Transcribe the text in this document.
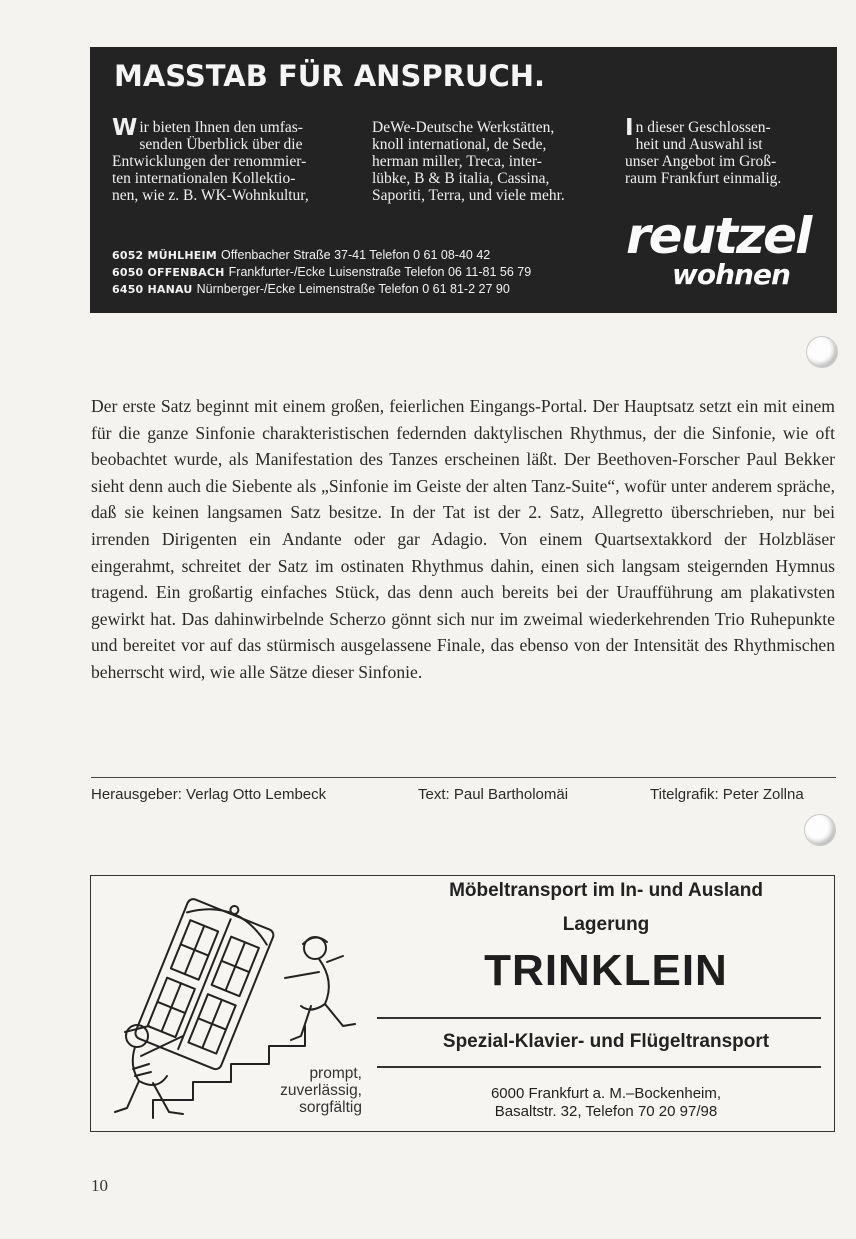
MASSTAB FÜR ANSPRUCH.
W ir bieten Ihnen den umfas-
senden Überblick über die
Entwicklungen der renommier-
ten internationalen Kollektio-
nen, wie z. B. WK-Wohnkultur,
DeWe-Deutsche Werkstätten,
knoll international, de Sede,
herman miller, Treca, inter-
lübke, B & B italia, Cassina,
Saporiti, Terra, und viele mehr.
I n dieser Geschlossen-
heit und Auswahl ist
unser Angebot im Groß-
raum Frankfurt einmalig.
6052 MÜHLHEIM Offenbacher Straße 37-41 Telefon 0 61 08-40 42
6050 OFFENBACH Frankfurter-/Ecke Luisenstraße Telefon 06 11-81 56 79
6450 HANAU Nürnberger-/Ecke Leimenstraße Telefon 0 61 81-2 27 90
reutzel
wohnen

Der erste Satz beginnt mit einem großen, feierlichen Eingangs-Portal. Der Hauptsatz setzt ein mit einem für die ganze Sinfonie charakteristischen federnden daktylischen Rhythmus, der die Sinfonie, wie oft beobachtet wurde, als Manifestation des Tanzes erscheinen läßt. Der Beethoven-Forscher Paul Bekker sieht denn auch die Siebente als „Sinfonie im Geiste der alten Tanz-Suite“, wofür unter anderem spräche, daß sie keinen langsamen Satz besitze. In der Tat ist der 2. Satz, Allegretto überschrieben, nur bei irrenden Dirigenten ein Andante oder gar Adagio. Von einem Quartsextakkord der Holzbläser eingerahmt, schreitet der Satz im ostinaten Rhythmus dahin, einen sich langsam steigernden Hymnus tragend. Ein großartig einfaches Stück, das denn auch bereits bei der Uraufführung am plakativsten gewirkt hat. Das dahinwirbelnde Scherzo gönnt sich nur im zweimal wiederkehrenden Trio Ruhepunkte und bereitet vor auf das stürmisch ausgelassene Finale, das ebenso von der Intensität des Rhythmischen beherrscht wird, wie alle Sätze dieser Sinfonie.

Herausgeber: Verlag Otto Lembeck	Text: Paul Bartholomäi	Titelgrafik: Peter Zollna
prompt,
zuverlässig,
sorgfältig
Möbeltransport im In- und Ausland
Lagerung
TRINKLEIN
Spezial-Klavier- und Flügeltransport
6000 Frankfurt a. M.–Bockenheim,
Basaltstr. 32, Telefon 70 20 97/98
10
